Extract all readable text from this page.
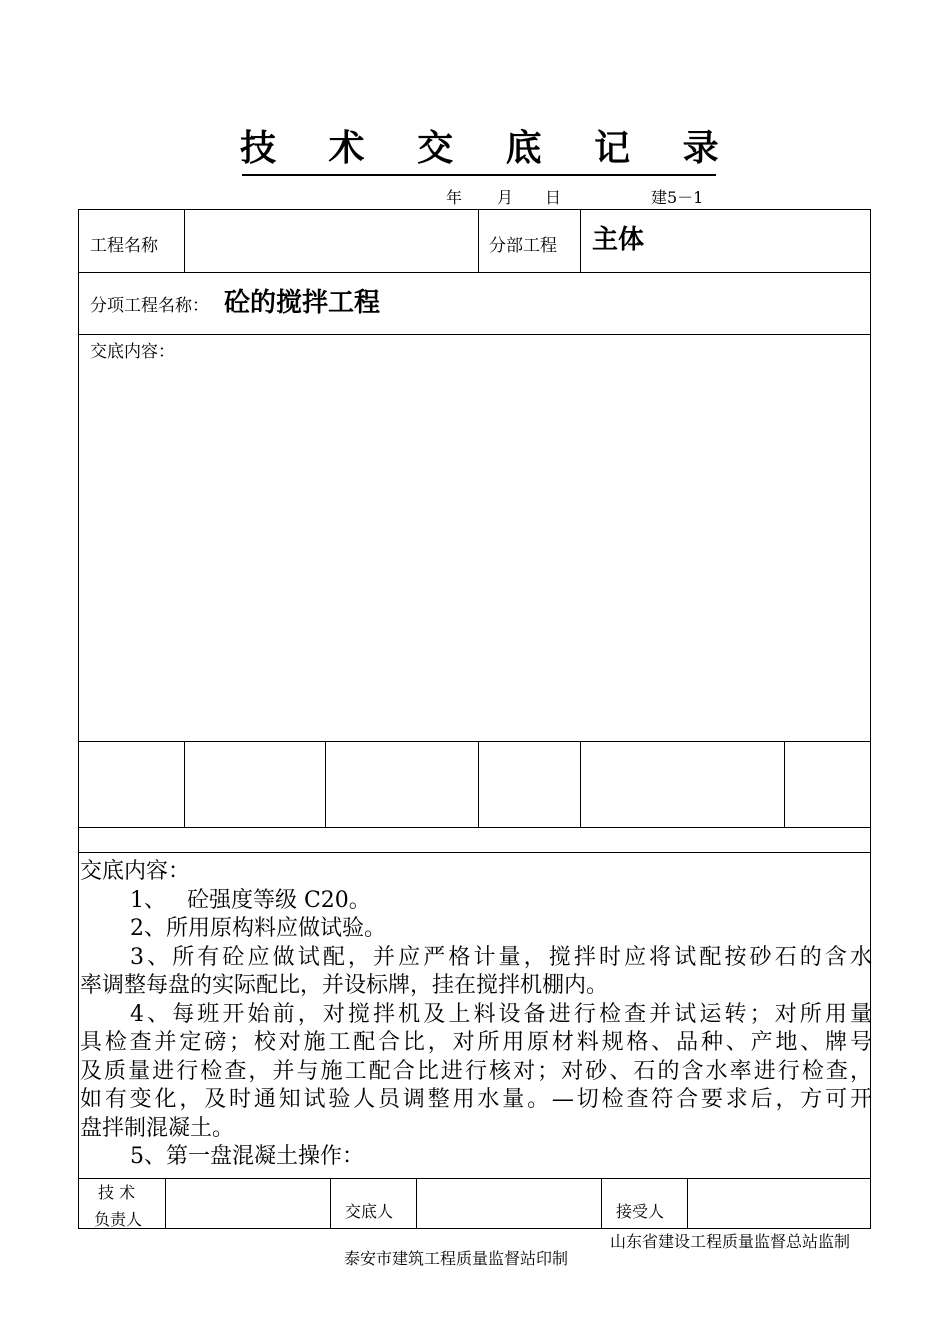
技 术 交 底 记 录
年 月 日	建5－1
工程名称	分部工程 主体
分项工程名称： 砼的搅拌工程
交底内容：

交底内容：

1、   砼强度等级 C20。

2、所用原构料应做试验。

3、所有砼应做试配，并应严格计量，搅拌时应将试配按砂石的含水

率调整每盘的实际配比，并设标牌，挂在搅拌机棚内。

4、每班开始前，对搅拌机及上料设备进行检查并试运转；对所用量

具检查并定磅；校对施工配合比，对所用原材料规格、品种、产地、牌号

及质量进行检查，并与施工配合比进行核对；对砂、石的含水率进行检查，

如有变化，及时通知试验人员调整用水量。—切检查符合要求后，方可开

盘拌制混凝土。

5、第一盘混凝土操作：

技 术
负责人	交底人	接受人
山东省建设工程质量监督总站监制
泰安市建筑工程质量监督站印制
